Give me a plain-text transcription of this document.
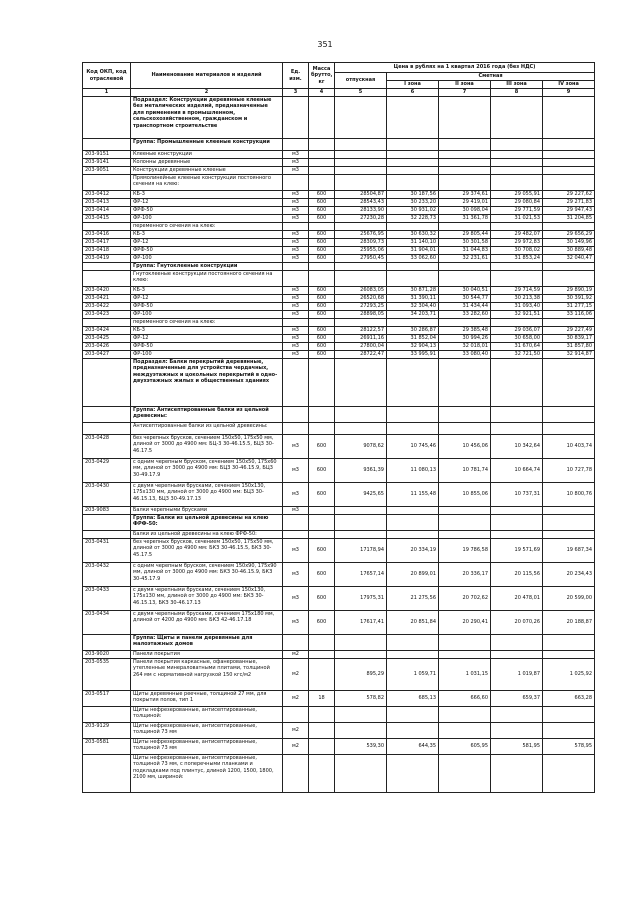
351
Код ОКП, код отраслевой	Наименование материалов и изделий	Ед. изм.	Масса брутто, кг	Цена в рублях на 1 квартал 2016 года (без НДС)				
				отпускная	Сметная			
					I зона	II зона	III зона	IV зона
1	2	3	4	5	6	7	8	9
	Подраздел: Конструкции деревянные клееные без металических изделий, предназначенные для применения в промышленном, сельскохозяйственном, гражданском и транспортном строительстве							
	Группа: Промышленные клееные конструкции							
203-9151	Клееные конструкции	м3						
203-9141	Колонны деревянные	м3						
203-9051	Конструкции деревянные клееные	м3						
	Прямолинейные клееные конструкции постоянного сечения на клею:							
203-0412	КБ-3	м3	600	28504,87	30 187,56	29 374,61	29 055,91	29 227,62
203-0413	ФР-12	м3	600	28543,43	30 233,20	29 419,01	29 080,84	29 271,83
203-0414	ФРФ-50	м3	600	28133,90	30 931,02	30 098,04	29 771,59	29 947,43
203-0415	ФР-100	м3	600	27230,28	32 228,73	31 361,78	31 021,53	31 204,85
	переменного сечения на клею:							
203-0416	КБ-3	м3	600	25676,95	30 630,32	29 805,44	29 482,07	29 656,29
203-0417	ФР-12	м3	600	28309,73	31 140,10	30 301,58	29 972,83	30 149,96
203-0418	ФРФ-50	м3	600	25955,06	31 904,01	31 044,83	30 708,02	30 889,48
203-0419	ФР-100	м3	600	27950,45	33 062,60	32 231,61	31 853,24	32 040,47
	Группа: Гнутоклееные конструкции							
	Гнутоклееные конструкции постоянного сечения на клею:							
203-0420	КБ-3	м3	600	26083,05	30 871,28	30 040,51	29 714,59	29 890,19
203-0421	ФР-12	м3	600	26520,68	31 390,11	30 544,77	30 213,38	30 391,92
203-0422	ФРФ-50	м3	600	27293,25	32 304,40	31 434,44	31 093,40	31 277,15
203-0423	ФР-100	м3	600	28898,05	34 203,71	33 282,60	32 921,51	33 116,06
	переменного сечения на клею:							
203-0424	КБ-3	м3	600	28122,57	30 286,87	29 385,48	29 036,07	29 227,49
203-0425	ФР-12	м3	600	26911,16	31 852,04	30 994,26	30 658,00	30 839,17
203-0426	ФРФ-50	м3	600	27800,04	32 904,13	32 018,01	31 670,64	31 857,80
203-0427	ФР-100	м3	600	28722,47	33 995,91	33 080,40	32 721,50	32 914,87
	Подраздел: Балки перекрытий деревянные, предназначенные для устройства чердачных, междуэтажных и цокольных перекрытий в одно-двухэтажных жилых и общественных зданиях							
	Группа: Антисептированные балки из цельной древесины:							
	Антисептированные балки из цельной древесины:							
203-0428	без черепных брусков, сечением 150х50, 175х50 мм, длиной от 3000 до 4900 мм: БЦ-3 30-46.15.5, БЦ3 30-46.17.5	м3	600	9078,62	10 745,46	10 456,06	10 342,64	10 403,74
203-0429	с одним черепным бруском, сечением 150х50, 175х60 мм, длиной от 3000 до 4900 мм: БЦ3 30-46.15.9, БЦ3 30-49.17.9	м3	600	9361,39	11 080,13	10 781,74	10 664,74	10 727,78
203-0430	с двумя черепными брусками, сечением 150х130, 175х130 мм, длиной от 3000 до 4900 мм: БЦ3 30-46.15.13, БЦ3 30-49.17.13	м3	600	9425,65	11 155,48	10 855,06	10 737,31	10 800,76
203-9083	Балки черепными брусками	м3						
	Группа: Балки из цельной древесины на клею ФРФ-50:							
	Балки из цельной древесины на клею ФРФ-50:							
203-0431	без черепных брусков, сечением 150х50, 175х50 мм, длиной от 3000 до 4900 мм: БКЗ 30-46.15.5, БКЗ 30-45.17.5	м3	600	17178,94	20 334,19	19 786,58	19 571,69	19 687,34
203-0432	с одним черепным бруском, сечением 150х90, 175х90 мм, длиной от 3000 до 4900 мм: БКЗ 30-46.15.9, БКЗ 30-45.17.9	м3	600	17657,14	20 899,01	20 336,17	20 115,56	20 234,43
203-0433	с двумя черепными брусками, сечением 150х130, 175х130 мм, длиной от 3000 до 4900 мм: БКЗ 30-46.15.13, БКЗ 30-46.17.13	м3	600	17975,31	21 275,56	20 702,62	20 478,01	20 599,00
203-0434	с двумя черепными брусками, сечением 175х180 мм, длиной от 4200 до 4900 мм: БКЗ 42-46.17.18	м3	600	17617,41	20 851,84	20 290,41	20 070,26	20 188,87
	Группа: Щиты и панели деревянные для малоэтажных домов							
203-9020	Панели покрытия	м2						
203-0535	Панели покрытия каркасные, офанерованные, утепленные минераловатными плитами, толщиной 264 мм с нормативной нагрузкой 150 кгс/м2	м2		895,29	1 059,71	1 031,15	1 019,87	1 025,92
203-0517	Щиты деревянные реечные, толщиной 27 мм, для покрытия полов, тип 1	м2	18	578,82	685,13	666,60	659,37	663,28
	Щиты нефрезерованные, антисептированные, толщиной:							
203-9129	Щиты нефрезерованные, антисептированные, толщиной 73 мм	м2						
203-0581	Щиты нефрезерованные, антисептированные, толщиной 73 мм	м2		539,30	644,35	605,95	581,95	578,95
	Щиты нефрезерованные, антисептированные, толщиной 73 мм, с поперечными планками и подкладками под плинтус, длиной 1200, 1500, 1800, 2100 мм, шириной:							
